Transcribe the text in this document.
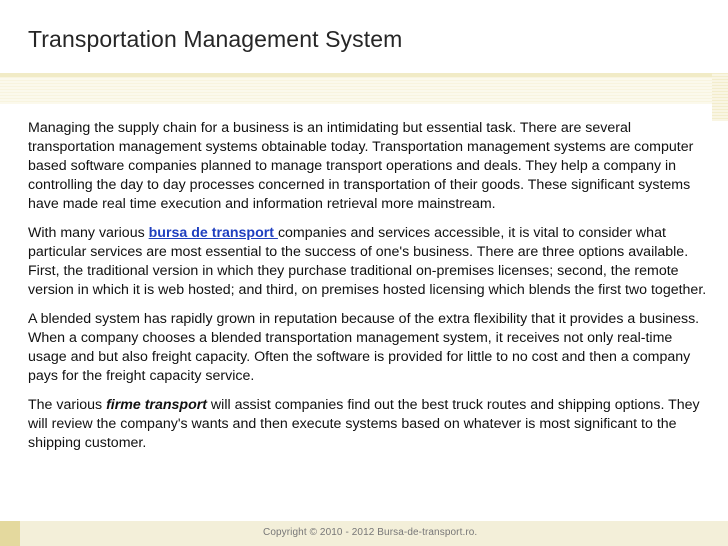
Transportation Management System

Managing the supply chain for a business is an intimidating but essential task. There are several transportation management systems obtainable today. Transportation management systems are computer based software companies planned to manage transport operations and deals. They help a company in controlling the day to day processes concerned in transportation of their goods. These significant systems have made real time execution and information retrieval more mainstream.

With many various bursa de transport companies and services accessible, it is vital to consider what particular services are most essential to the success of one's business. There are three options available. First, the traditional version in which they purchase traditional on-premises licenses; second, the remote version in which it is web hosted; and third, on premises hosted licensing which blends the first two together.

A blended system has rapidly grown in reputation because of the extra flexibility that it provides a business. When a company chooses a blended transportation management system, it receives not only real-time usage and but also freight capacity. Often the software is provided for little to no cost and then a company pays for the freight capacity service.

The various firme transport will assist companies find out the best truck routes and shipping options. They will review the company's wants and then execute systems based on whatever is most significant to the shipping customer.

Copyright © 2010 - 2012 Bursa-de-transport.ro.
